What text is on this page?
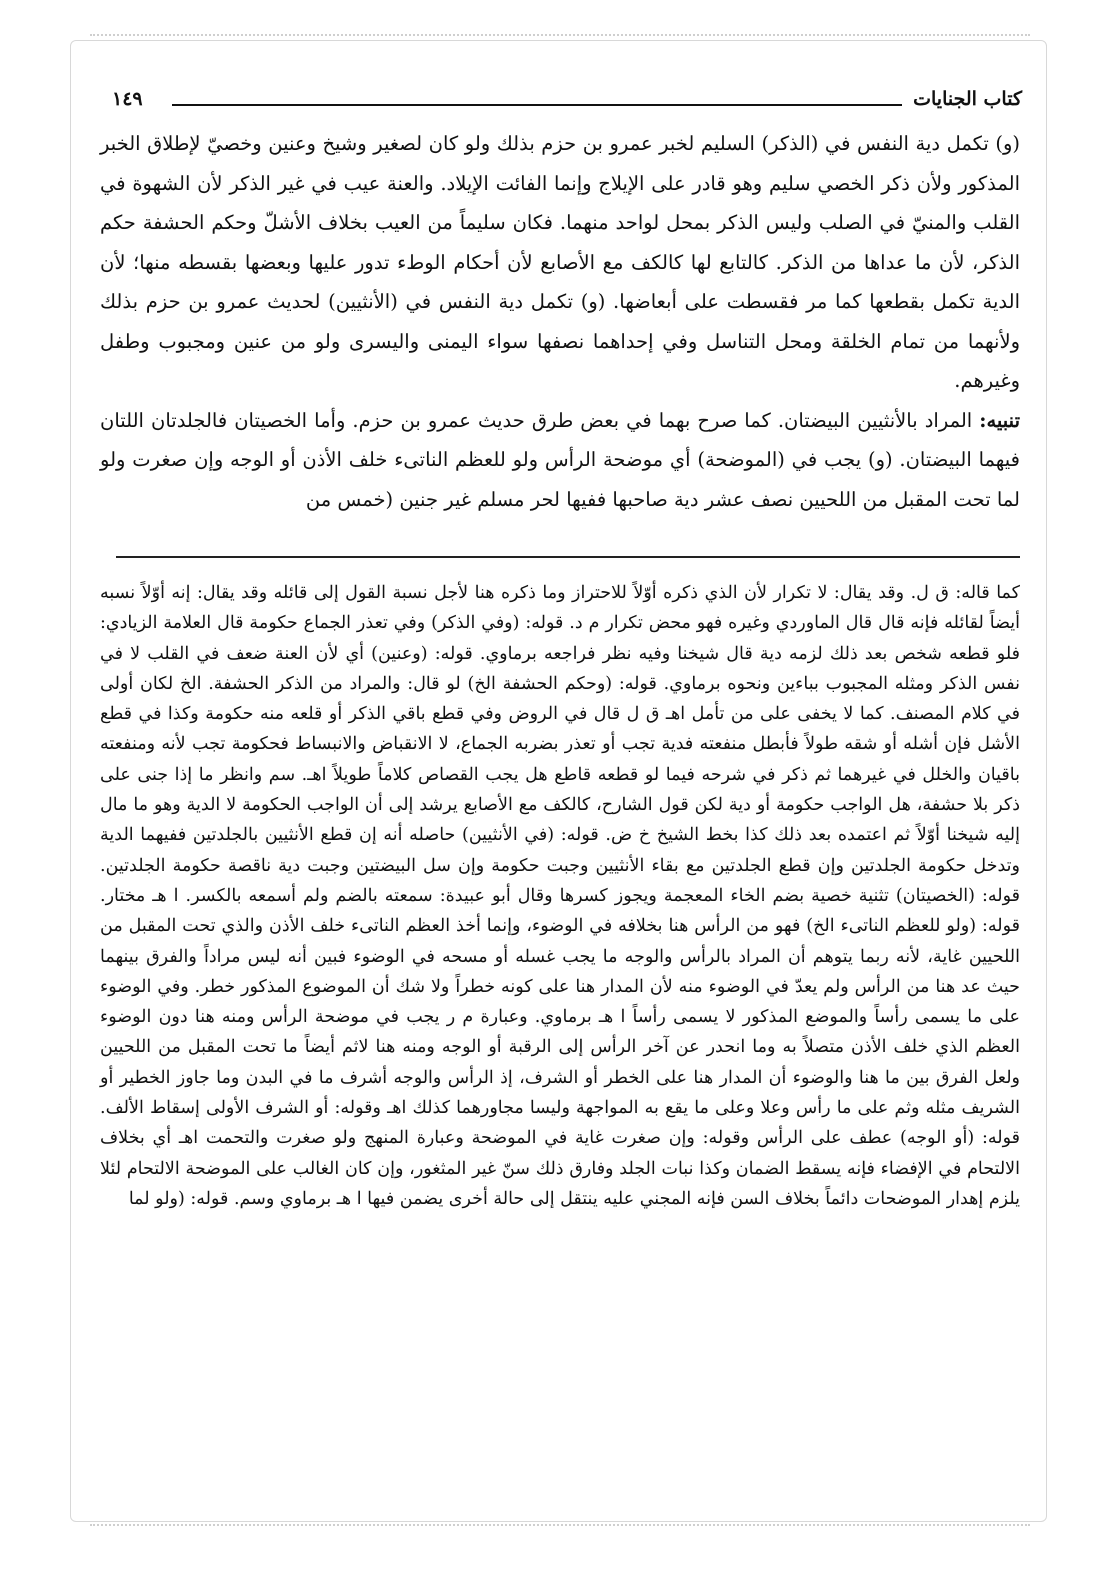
كتاب الجنايات
١٤٩

(و) تكمل دية النفس في (الذكر) السليم لخبر عمرو بن حزم بذلك ولو كان لصغير وشيخ وعنين وخصيّ لإطلاق الخبر المذكور ولأن ذكر الخصي سليم وهو قادر على الإيلاج وإنما الفائت الإيلاد. والعنة عيب في غير الذكر لأن الشهوة في القلب والمنيّ في الصلب وليس الذكر بمحل لواحد منهما. فكان سليماً من العيب بخلاف الأشلّ وحكم الحشفة حكم الذكر، لأن ما عداها من الذكر. كالتابع لها كالكف مع الأصابع لأن أحكام الوطء تدور عليها وبعضها بقسطه منها؛ لأن الدية تكمل بقطعها كما مر فقسطت على أبعاضها. (و) تكمل دية النفس في (الأنثيين) لحديث عمرو بن حزم بذلك ولأنهما من تمام الخلقة ومحل التناسل وفي إحداهما نصفها سواء اليمنى واليسرى ولو من عنين ومجبوب وطفل وغيرهم.

تنبيه: المراد بالأنثيين البيضتان. كما صرح بهما في بعض طرق حديث عمرو بن حزم. وأما الخصيتان فالجلدتان اللتان فيهما البيضتان. (و) يجب في (الموضحة) أي موضحة الرأس ولو للعظم الناتىء خلف الأذن أو الوجه وإن صغرت ولو لما تحت المقبل من اللحيين نصف عشر دية صاحبها ففيها لحر مسلم غير جنين (خمس من

كما قاله: ق ل. وقد يقال: لا تكرار لأن الذي ذكره أوّلاً للاحتراز وما ذكره هنا لأجل نسبة القول إلى قائله وقد يقال: إنه أوّلاً نسبه أيضاً لقائله فإنه قال قال الماوردي وغيره فهو محض تكرار م د. قوله: (وفي الذكر) وفي تعذر الجماع حكومة قال العلامة الزيادي: فلو قطعه شخص بعد ذلك لزمه دية قال شيخنا وفيه نظر فراجعه برماوي. قوله: (وعنين) أي لأن العنة ضعف في القلب لا في نفس الذكر ومثله المجبوب بباءين ونحوه برماوي. قوله: (وحكم الحشفة الخ) لو قال: والمراد من الذكر الحشفة. الخ لكان أولى في كلام المصنف. كما لا يخفى على من تأمل اهـ ق ل قال في الروض وفي قطع باقي الذكر أو قلعه منه حكومة وكذا في قطع الأشل فإن أشله أو شقه طولاً فأبطل منفعته فدية تجب أو تعذر بضربه الجماع، لا الانقباض والانبساط فحكومة تجب لأنه ومنفعته باقيان والخلل في غيرهما ثم ذكر في شرحه فيما لو قطعه قاطع هل يجب القصاص كلاماً طويلاً اهـ. سم وانظر ما إذا جنى على ذكر بلا حشفة، هل الواجب حكومة أو دية لكن قول الشارح، كالكف مع الأصابع يرشد إلى أن الواجب الحكومة لا الدية وهو ما مال إليه شيخنا أوّلاً ثم اعتمده بعد ذلك كذا بخط الشيخ خ ض. قوله: (في الأنثيين) حاصله أنه إن قطع الأنثيين بالجلدتين ففيهما الدية وتدخل حكومة الجلدتين وإن قطع الجلدتين مع بقاء الأنثيين وجبت حكومة وإن سل البيضتين وجبت دية ناقصة حكومة الجلدتين. قوله: (الخصيتان) تثنية خصية بضم الخاء المعجمة ويجوز كسرها وقال أبو عبيدة: سمعته بالضم ولم أسمعه بالكسر. ا هـ مختار. قوله: (ولو للعظم الناتىء الخ) فهو من الرأس هنا بخلافه في الوضوء، وإنما أخذ العظم الناتىء خلف الأذن والذي تحت المقبل من اللحيين غاية، لأنه ربما يتوهم أن المراد بالرأس والوجه ما يجب غسله أو مسحه في الوضوء فبين أنه ليس مراداً والفرق بينهما حيث عد هنا من الرأس ولم يعدّ في الوضوء منه لأن المدار هنا على كونه خطراً ولا شك أن الموضوع المذكور خطر. وفي الوضوء على ما يسمى رأساً والموضع المذكور لا يسمى رأساً ا هـ برماوي. وعبارة م ر يجب في موضحة الرأس ومنه هنا دون الوضوء العظم الذي خلف الأذن متصلاً به وما انحدر عن آخر الرأس إلى الرقبة أو الوجه ومنه هنا لاثم أيضاً ما تحت المقبل من اللحيين ولعل الفرق بين ما هنا والوضوء أن المدار هنا على الخطر أو الشرف، إذ الرأس والوجه أشرف ما في البدن وما جاوز الخطير أو الشريف مثله وثم على ما رأس وعلا وعلى ما يقع به المواجهة وليسا مجاورهما كذلك اهـ وقوله: أو الشرف الأولى إسقاط الألف. قوله: (أو الوجه) عطف على الرأس وقوله: وإن صغرت غاية في الموضحة وعبارة المنهج ولو صغرت والتحمت اهـ أي بخلاف الالتحام في الإفضاء فإنه يسقط الضمان وكذا نبات الجلد وفارق ذلك سنّ غير المثغور، وإن كان الغالب على الموضحة الالتحام لئلا يلزم إهدار الموضحات دائماً بخلاف السن فإنه المجني عليه ينتقل إلى حالة أخرى يضمن فيها ا هـ برماوي وسم. قوله: (ولو لما
